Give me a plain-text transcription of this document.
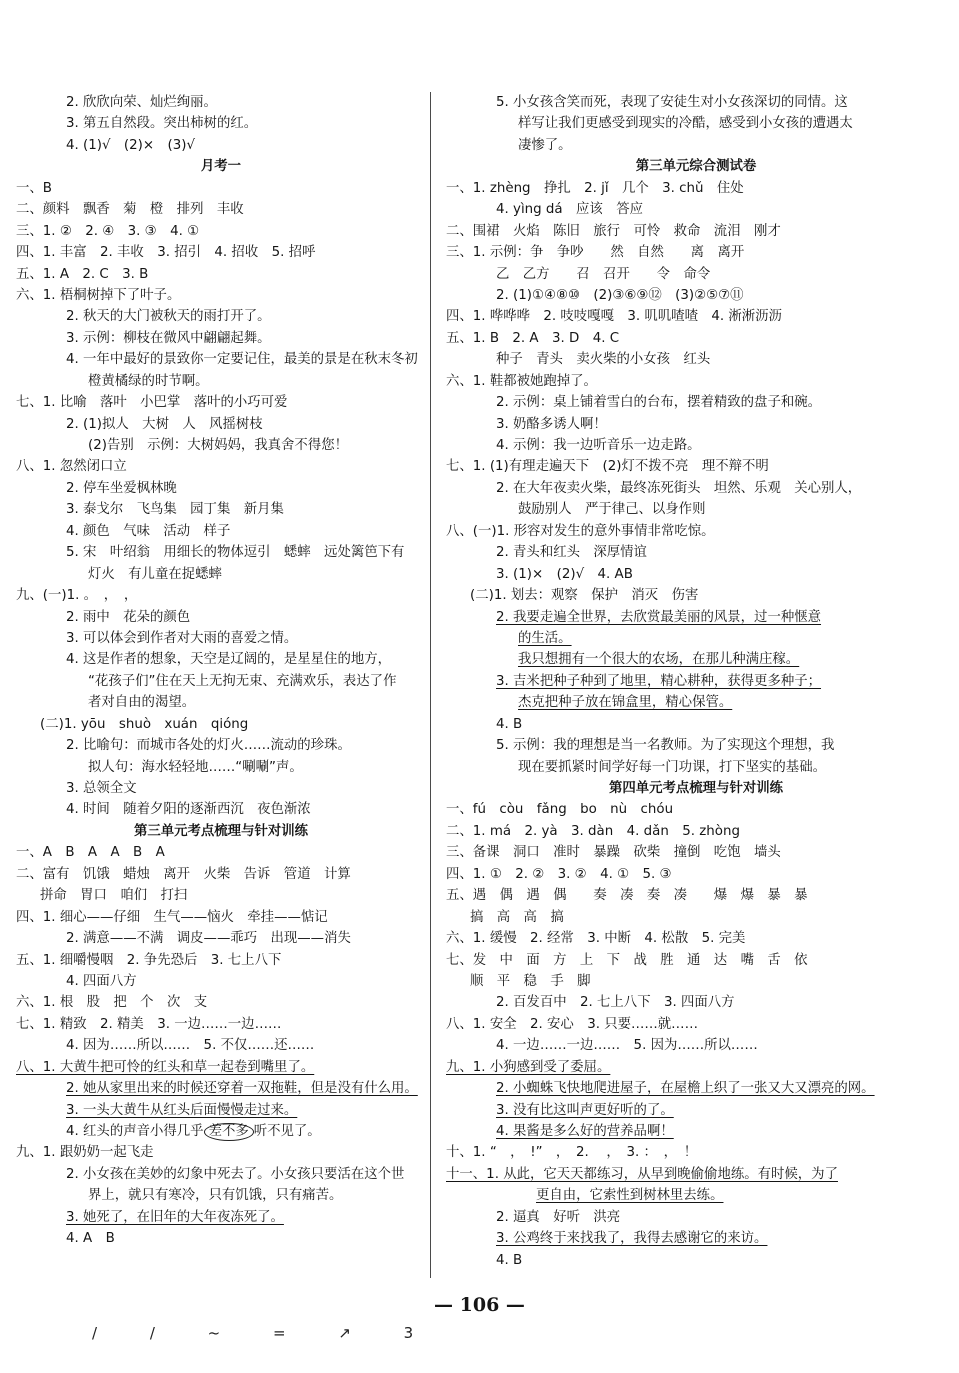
2. 欣欣向荣、灿烂绚丽。
3. 第五自然段。突出柿树的红。
4. (1)√　(2)×　(3)√
月考一
一、B
二、颜料　飘香　菊　橙　排列　丰收
三、1. ②　2. ④　3. ③　4. ①
四、1. 丰富　2. 丰收　3. 招引　4. 招收　5. 招呼
五、1. A　2. C　3. B
六、1. 梧桐树掉下了叶子。
2. 秋天的大门被秋天的雨打开了。
3. 示例：柳枝在微风中翩翩起舞。
4. 一年中最好的景致你一定要记住，最美的景是在秋末冬初
橙黄橘绿的时节啊。
七、1. 比喻　落叶　小巴掌　落叶的小巧可爱
2. (1)拟人　大树　人　风摇树枝
(2)告别　示例：大树妈妈，我真舍不得您！
八、1. 忽然闭口立
2. 停车坐爱枫林晚
3. 泰戈尔　飞鸟集　园丁集　新月集
4. 颜色　气味　活动　样子
5. 宋　叶绍翁　用细长的物体逗引　蟋蟀　远处篱笆下有
灯火　有儿童在捉蟋蟀
九、(一)1. 。　，　，
2. 雨中　花朵的颜色
3. 可以体会到作者对大雨的喜爱之情。
4. 这是作者的想象，天空是辽阔的，是星星住的地方，
“花孩子们”住在天上无拘无束、充满欢乐，表达了作
者对自由的渴望。
(二)1. yōu　shuò　xuán　qióng
2. 比喻句：而城市各处的灯火……流动的珍珠。
拟人句：海水轻轻地……“唰唰”声。
3. 总领全文
4. 时间　随着夕阳的逐渐西沉　夜色渐浓
第三单元考点梳理与针对训练
一、A　B　A　A　B　A
二、富有　饥饿　蜡烛　离开　火柴　告诉　管道　计算
拼命　胃口　咱们　打扫
四、1. 细心——仔细　生气——恼火　牵挂——惦记
2. 满意——不满　调皮——乖巧　出现——消失
五、1. 细嚼慢咽　2. 争先恐后　3. 七上八下
4. 四面八方
六、1. 根　股　把　个　次　支
七、1. 精致　2. 精美　3. 一边……一边……
4. 因为……所以……　5. 不仅……还……
八、1. 大黄牛把可怜的红头和草一起卷到嘴里了。
2. 她从家里出来的时候还穿着一双拖鞋，但是没有什么用。
3. 一头大黄牛从红头后面慢慢走过来。
4. 红头的声音小得几乎 差不多 听不见了。
九、1. 跟奶奶一起飞走
2. 小女孩在美妙的幻象中死去了。小女孩只要活在这个世
界上，就只有寒冷，只有饥饿，只有痛苦。
3. 她死了，在旧年的大年夜冻死了。
4. A　B
5. 小女孩含笑而死，表现了安徒生对小女孩深切的同情。这
样写让我们更感受到现实的冷酷，感受到小女孩的遭遇太
凄惨了。
第三单元综合测试卷
一、1. zhèng　挣扎　2. jǐ　几个　3. chǔ　住处
4. yìng dá　应该　答应
二、围裙　火焰　陈旧　旅行　可怜　救命　流泪　刚才
三、1. 示例：争　争吵　　然　自然　　离　离开
乙　乙方　　召　召开　　令　命令
2. (1)①④⑧⑩　(2)③⑥⑨⑫　(3)②⑤⑦⑪
四、1. 哗哗哗　2. 吱吱嘎嘎　3. 叽叽喳喳　4. 淅淅沥沥
五、1. B　2. A　3. D　4. C
种子　青头　卖火柴的小女孩　红头
六、1. 鞋都被她跑掉了。
2. 示例：桌上铺着雪白的台布，摆着精致的盘子和碗。
3. 奶酪多诱人啊！
4. 示例：我一边听音乐一边走路。
七、1. (1)有理走遍天下　(2)灯不拨不亮　理不辩不明
2. 在大年夜卖火柴，最终冻死街头　坦然、乐观　关心别人，
鼓励别人　严于律己、以身作则
八、(一)1. 形容对发生的意外事情非常吃惊。
2. 青头和红头　深厚情谊
3. (1)×　(2)√　4. AB
(二)1. 划去：观察　保护　消灭　伤害
2. 我要走遍全世界，去欣赏最美丽的风景，过一种惬意
的生活。
我只想拥有一个很大的农场，在那儿种满庄稼。
3. 吉米把种子种到了地里，精心耕种，获得更多种子；
杰克把种子放在锦盒里，精心保管。
4. B
5. 示例：我的理想是当一名教师。为了实现这个理想，我
现在要抓紧时间学好每一门功课，打下坚实的基础。
第四单元考点梳理与针对训练
一、fú　còu　fǎng　bo　nù　chóu
二、1. má　2. yà　3. dàn　4. dǎn　5. zhòng
三、备课　洞口　准时　暴躁　砍柴　撞倒　吃饱　墙头
四、1. ①　2. ②　3. ②　4. ①　5. ③
五、遇　偶　遇　偶　　奏　凑　奏　凑　　爆　爆　暴　暴
搞　高　高　搞
六、1. 缓慢　2. 经常　3. 中断　4. 松散　5. 完美
七、发　中　面　方　上　下　战　胜　通　达　嘴　舌　依
顺　平　稳　手　脚
2. 百发百中　2. 七上八下　3. 四面八方
八、1. 安全　2. 安心　3. 只要……就……
4. 一边……一边……　5. 因为……所以……
九、1. 小狗感到受了委屈。
2. 小蜘蛛飞快地爬进屋子，在屋檐上织了一张又大又漂亮的网。
3. 没有比这叫声更好听的了。
4. 果酱是多么好的营养品啊！
十、1. “　，　!”　，　2. 　，　3. ：　，　！
十一、1. 从此，它天天都练习，从早到晚偷偷地练。有时候，为了
更自由，它索性到树林里去练。
2. 逼真　好听　洪亮
3. 公鸡终于来找我了，我得去感谢它的来访。
4. B
— 106 —
/ / ~ = ↗ 3
